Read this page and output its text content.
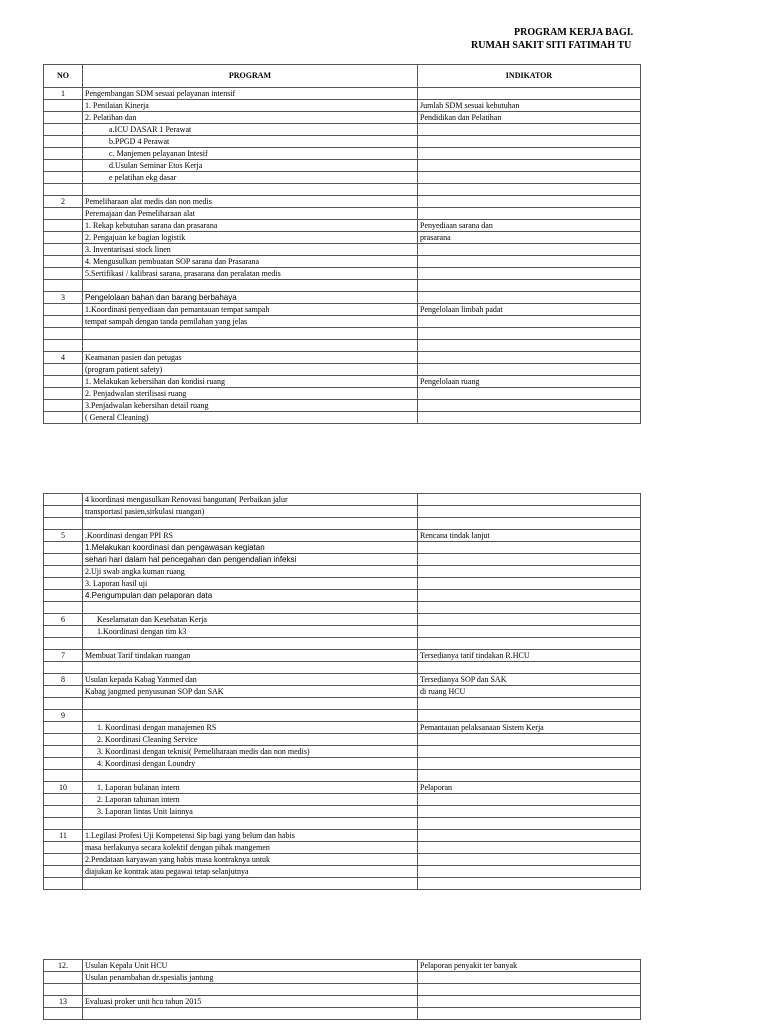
PROGRAM KERJA BAGI.
RUMAH SAKIT SITI FATIMAH TU
NO	PROGRAM	INDIKATOR
1	Pengembangan SDM sesuai pelayanan intensif	
	1. Penilaian Kinerja	Jumlah SDM sesuai kebutuhan
	2. Pelatihan dan	Pendidikan dan Pelatihan
	a.ICU DASAR 1 Perawat	
	b.PPGD 4 Perawat	
	c. Manjemen pelayanan Intesif	
	d.Usulan Seminar Etos Kerja	
	e pelatihan ekg dasar	

2	Pemeliharaan alat medis dan non medis	
	Peremajaan dan Pemeliharaan alat	
	1. Rekap kebutuhan sarana dan prasarana	Penyediaan sarana dan
	2. Pengajuan ke bagian logistik	prasarana
	3. Inventarisasi stock linen	
	4. Mengusulkan pembuatan SOP sarana dan Prasarana	
	5.Sertifikasi / kalibrasi sarana, prasarana dan peralatan medis	

3	Pengelolaan bahan dan barang berbahaya	
	1.Koordinasi penyediaan dan pemantauan tempat sampah	Pengelolaan limbah padat
	tempat sampah dengan tanda pemilahan yang jelas	

4	Keamanan pasien dan petugas	
	(program patient safety)	
	1. Melakukan kebersihan dan kondisi ruang	Pengelolaan ruang
	2. Penjadwalan sterilisasi ruang	
	3.Penjadwalan kebersihan detail ruang	
	( General Cleaning)	
	4 koordinasi mengusulkan Renovasi bangunan( Perbaikan jalur	
	transportasi pasien,sirkulasi ruangan)	

5	.Koordinasi dengan PPI RS	Rencana tindak lanjut
	1.Melakukan koordinasi dan pengawasan kegiatan	
	sehari hari dalam hal pencegahan dan pengendalian infeksi	
	2.Uji swab angka kuman ruang	
	3. Laporan hasil uji	
	4.Pengumpulan dan pelaporan data	

6	Keselamatan dan Kesehatan Kerja	
	1.Koordinasi dengan tim k3	

7	Membuat Tarif tindakan ruangan	Tersedianya tarif tindakan R.HCU

8	Usulan kepada Kabag Yanmed dan	Tersedianya SOP dan SAK
	Kabag jangmed penyusunan SOP dan SAK	di ruang HCU

9		
	1. Koordinasi dengan manajemen RS	Pemantauan pelaksanaan Sistem Kerja
	2. Koordinasi Cleaning Service	
	3. Koordinasi dengan teknisi( Pemeliharaan medis dan non medis)	
	4. Koordinasi dengan Loundry	

10	1. Laporan bulanan intern	Pelaporan
	2. Laporan tahunan intern	
	3. Laporan lintas Unit lainnya	

11	1.Legilasi Profesi Uji Kompetensi Sip bagi yang belum dan habis	
	masa berlakunya secara kolektif dengan pihak mangemen	
	2.Pendataan karyawan yang habis masa kontraknya untuk	
	diajukan ke kontrak atau pegawai tetap selanjutnya	

12.	Usulan Kepala Unit HCU	Pelaporan penyakit ter banyak
	Usulan penambahan dr.spesialis jantung	

13	Evaluasi proker unit hcu tahun 2015	
